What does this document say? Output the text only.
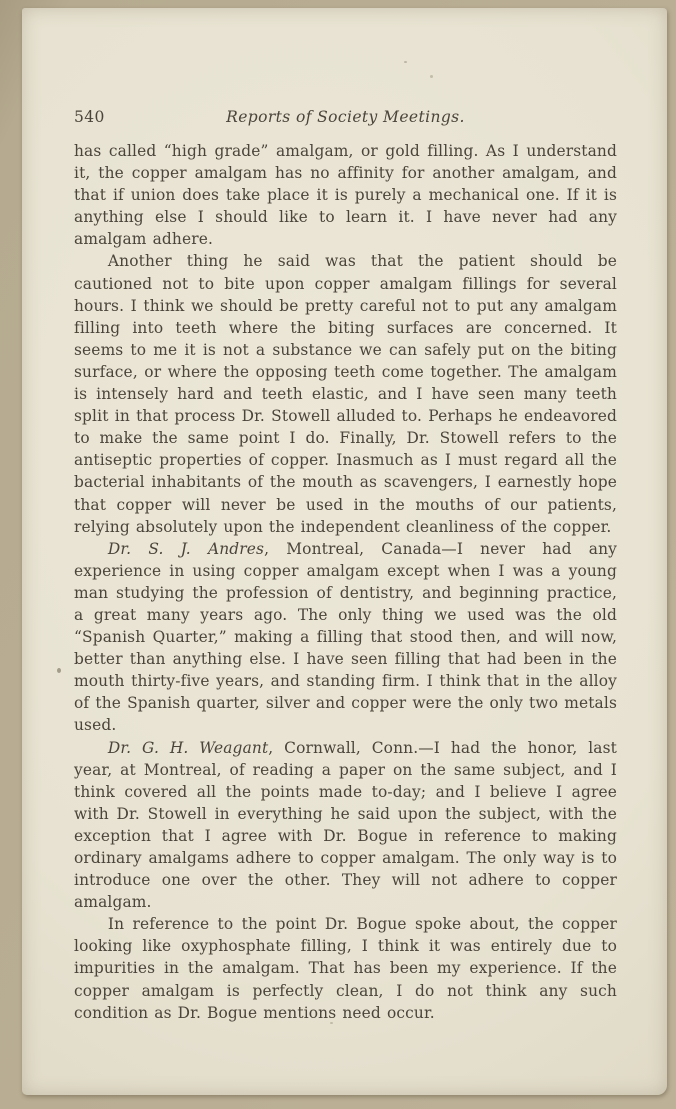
540	Reports of Society Meetings.

has called “high grade” amalgam, or gold filling. As I understand it, the copper amalgam has no affinity for another amalgam, and that if union does take place it is purely a mechanical one. If it is anything else I should like to learn it. I have never had any amalgam adhere.

Another thing he said was that the patient should be cautioned not to bite upon copper amalgam fillings for several hours. I think we should be pretty careful not to put any amalgam filling into teeth where the biting surfaces are concerned. It seems to me it is not a substance we can safely put on the biting surface, or where the opposing teeth come together. The amalgam is intensely hard and teeth elastic, and I have seen many teeth split in that process Dr. Stowell alluded to. Perhaps he endeavored to make the same point I do. Finally, Dr. Stowell refers to the antiseptic properties of copper. Inasmuch as I must regard all the bacterial inhabitants of the mouth as scavengers, I earnestly hope that copper will never be used in the mouths of our patients, relying absolutely upon the independent cleanliness of the copper.

Dr. S. J. Andres, Montreal, Canada—I never had any experience in using copper amalgam except when I was a young man studying the profession of dentistry, and beginning practice, a great many years ago. The only thing we used was the old “Spanish Quarter,” making a filling that stood then, and will now, better than anything else. I have seen filling that had been in the mouth thirty-five years, and standing firm. I think that in the alloy of the Spanish quarter, silver and copper were the only two metals used.

Dr. G. H. Weagant, Cornwall, Conn.—I had the honor, last year, at Montreal, of reading a paper on the same subject, and I think covered all the points made to-day; and I believe I agree with Dr. Stowell in everything he said upon the subject, with the exception that I agree with Dr. Bogue in reference to making ordinary amalgams adhere to copper amalgam. The only way is to introduce one over the other. They will not adhere to copper amalgam.

In reference to the point Dr. Bogue spoke about, the copper looking like oxyphosphate filling, I think it was entirely due to impurities in the amalgam. That has been my experience. If the copper amalgam is perfectly clean, I do not think any such condition as Dr. Bogue mentions need occur.
